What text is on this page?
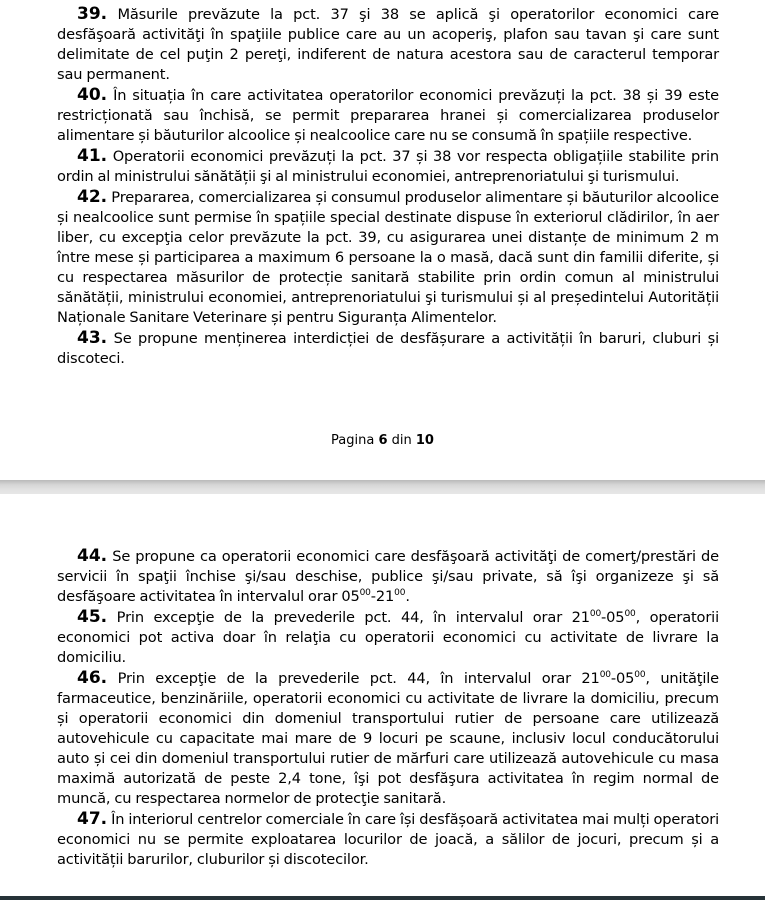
39. Măsurile prevăzute la pct. 37 şi 38 se aplică şi operatorilor economici care desfăşoară activităţi în spaţiile publice care au un acoperiş, plafon sau tavan şi care sunt delimitate de cel puţin 2 pereţi, indiferent de natura acestora sau de caracterul temporar sau permanent.

40. În situația în care activitatea operatorilor economici prevăzuți la pct. 38 și 39 este restricționată sau închisă, se permit prepararea hranei și comercializarea produselor alimentare și băuturilor alcoolice și nealcoolice care nu se consumă în spațiile respective.

41. Operatorii economici prevăzuți la pct. 37 și 38 vor respecta obligațiile stabilite prin ordin al ministrului sănătății şi al ministrului economiei, antreprenoriatului şi turismului.

42. Prepararea, comercializarea și consumul produselor alimentare și băuturilor alcoolice și nealcoolice sunt permise în spațiile special destinate dispuse în exteriorul clădirilor, în aer liber, cu excepţia celor prevăzute la pct. 39, cu asigurarea unei distanțe de minimum 2 m între mese și participarea a maximum 6 persoane la o masă, dacă sunt din familii diferite, și cu respectarea măsurilor de protecție sanitară stabilite prin ordin comun al ministrului sănătății, ministrului economiei, antreprenoriatului şi turismului și al președintelui Autorității Naționale Sanitare Veterinare și pentru Siguranța Alimentelor.

43. Se propune menținerea interdicției de desfășurare a activității în baruri, cluburi și discoteci.

Pagina 6 din 10

44. Se propune ca operatorii economici care desfăşoară activităţi de comerţ/prestări de servicii în spaţii închise şi/sau deschise, publice şi/sau private, să îşi organizeze şi să desfăşoare activitatea în intervalul orar $05^{00}-21^{00}$.

45. Prin excepţie de la prevederile pct. 44, în intervalul orar $21^{00}-05^{00}$, operatorii economici pot activa doar în relaţia cu operatorii economici cu activitate de livrare la domiciliu.

46. Prin excepţie de la prevederile pct. 44, în intervalul orar $21^{00}-05^{00}$, unităţile farmaceutice, benzinăriile, operatorii economici cu activitate de livrare la domiciliu, precum și operatorii economici din domeniul transportului rutier de persoane care utilizează autovehicule cu capacitate mai mare de 9 locuri pe scaune, inclusiv locul conducătorului auto și cei din domeniul transportului rutier de mărfuri care utilizează autovehicule cu masa maximă autorizată de peste 2,4 tone, îşi pot desfăşura activitatea în regim normal de muncă, cu respectarea normelor de protecţie sanitară.

47. În interiorul centrelor comerciale în care își desfășoară activitatea mai mulți operatori economici nu se permite exploatarea locurilor de joacă, a sălilor de jocuri, precum și a activității barurilor, cluburilor și discotecilor.
